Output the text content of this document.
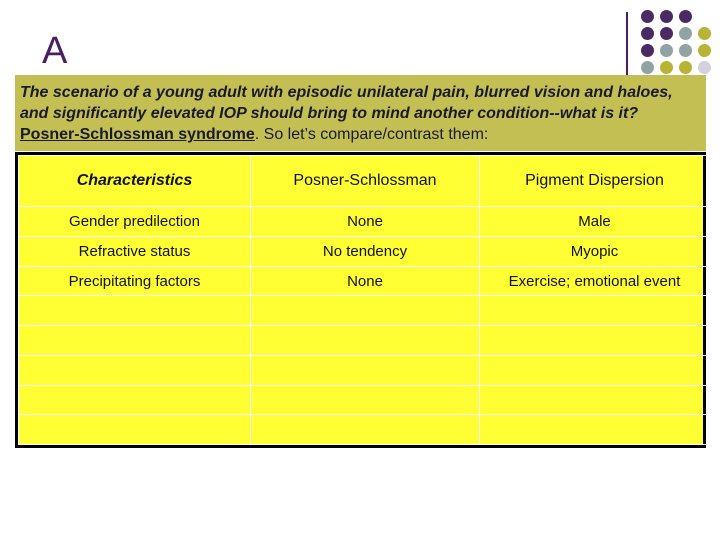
A
The scenario of a young adult with episodic unilateral pain, blurred vision and haloes, and significantly elevated IOP should bring to mind another condition--what is it?
Posner-Schlossman syndrome. So let’s compare/contrast them:
Characteristics	Posner-Schlossman	Pigment Dispersion
Gender predilection	None	Male
Refractive status	No tendency	Myopic
Precipitating factors	None	Exercise; emotional event
